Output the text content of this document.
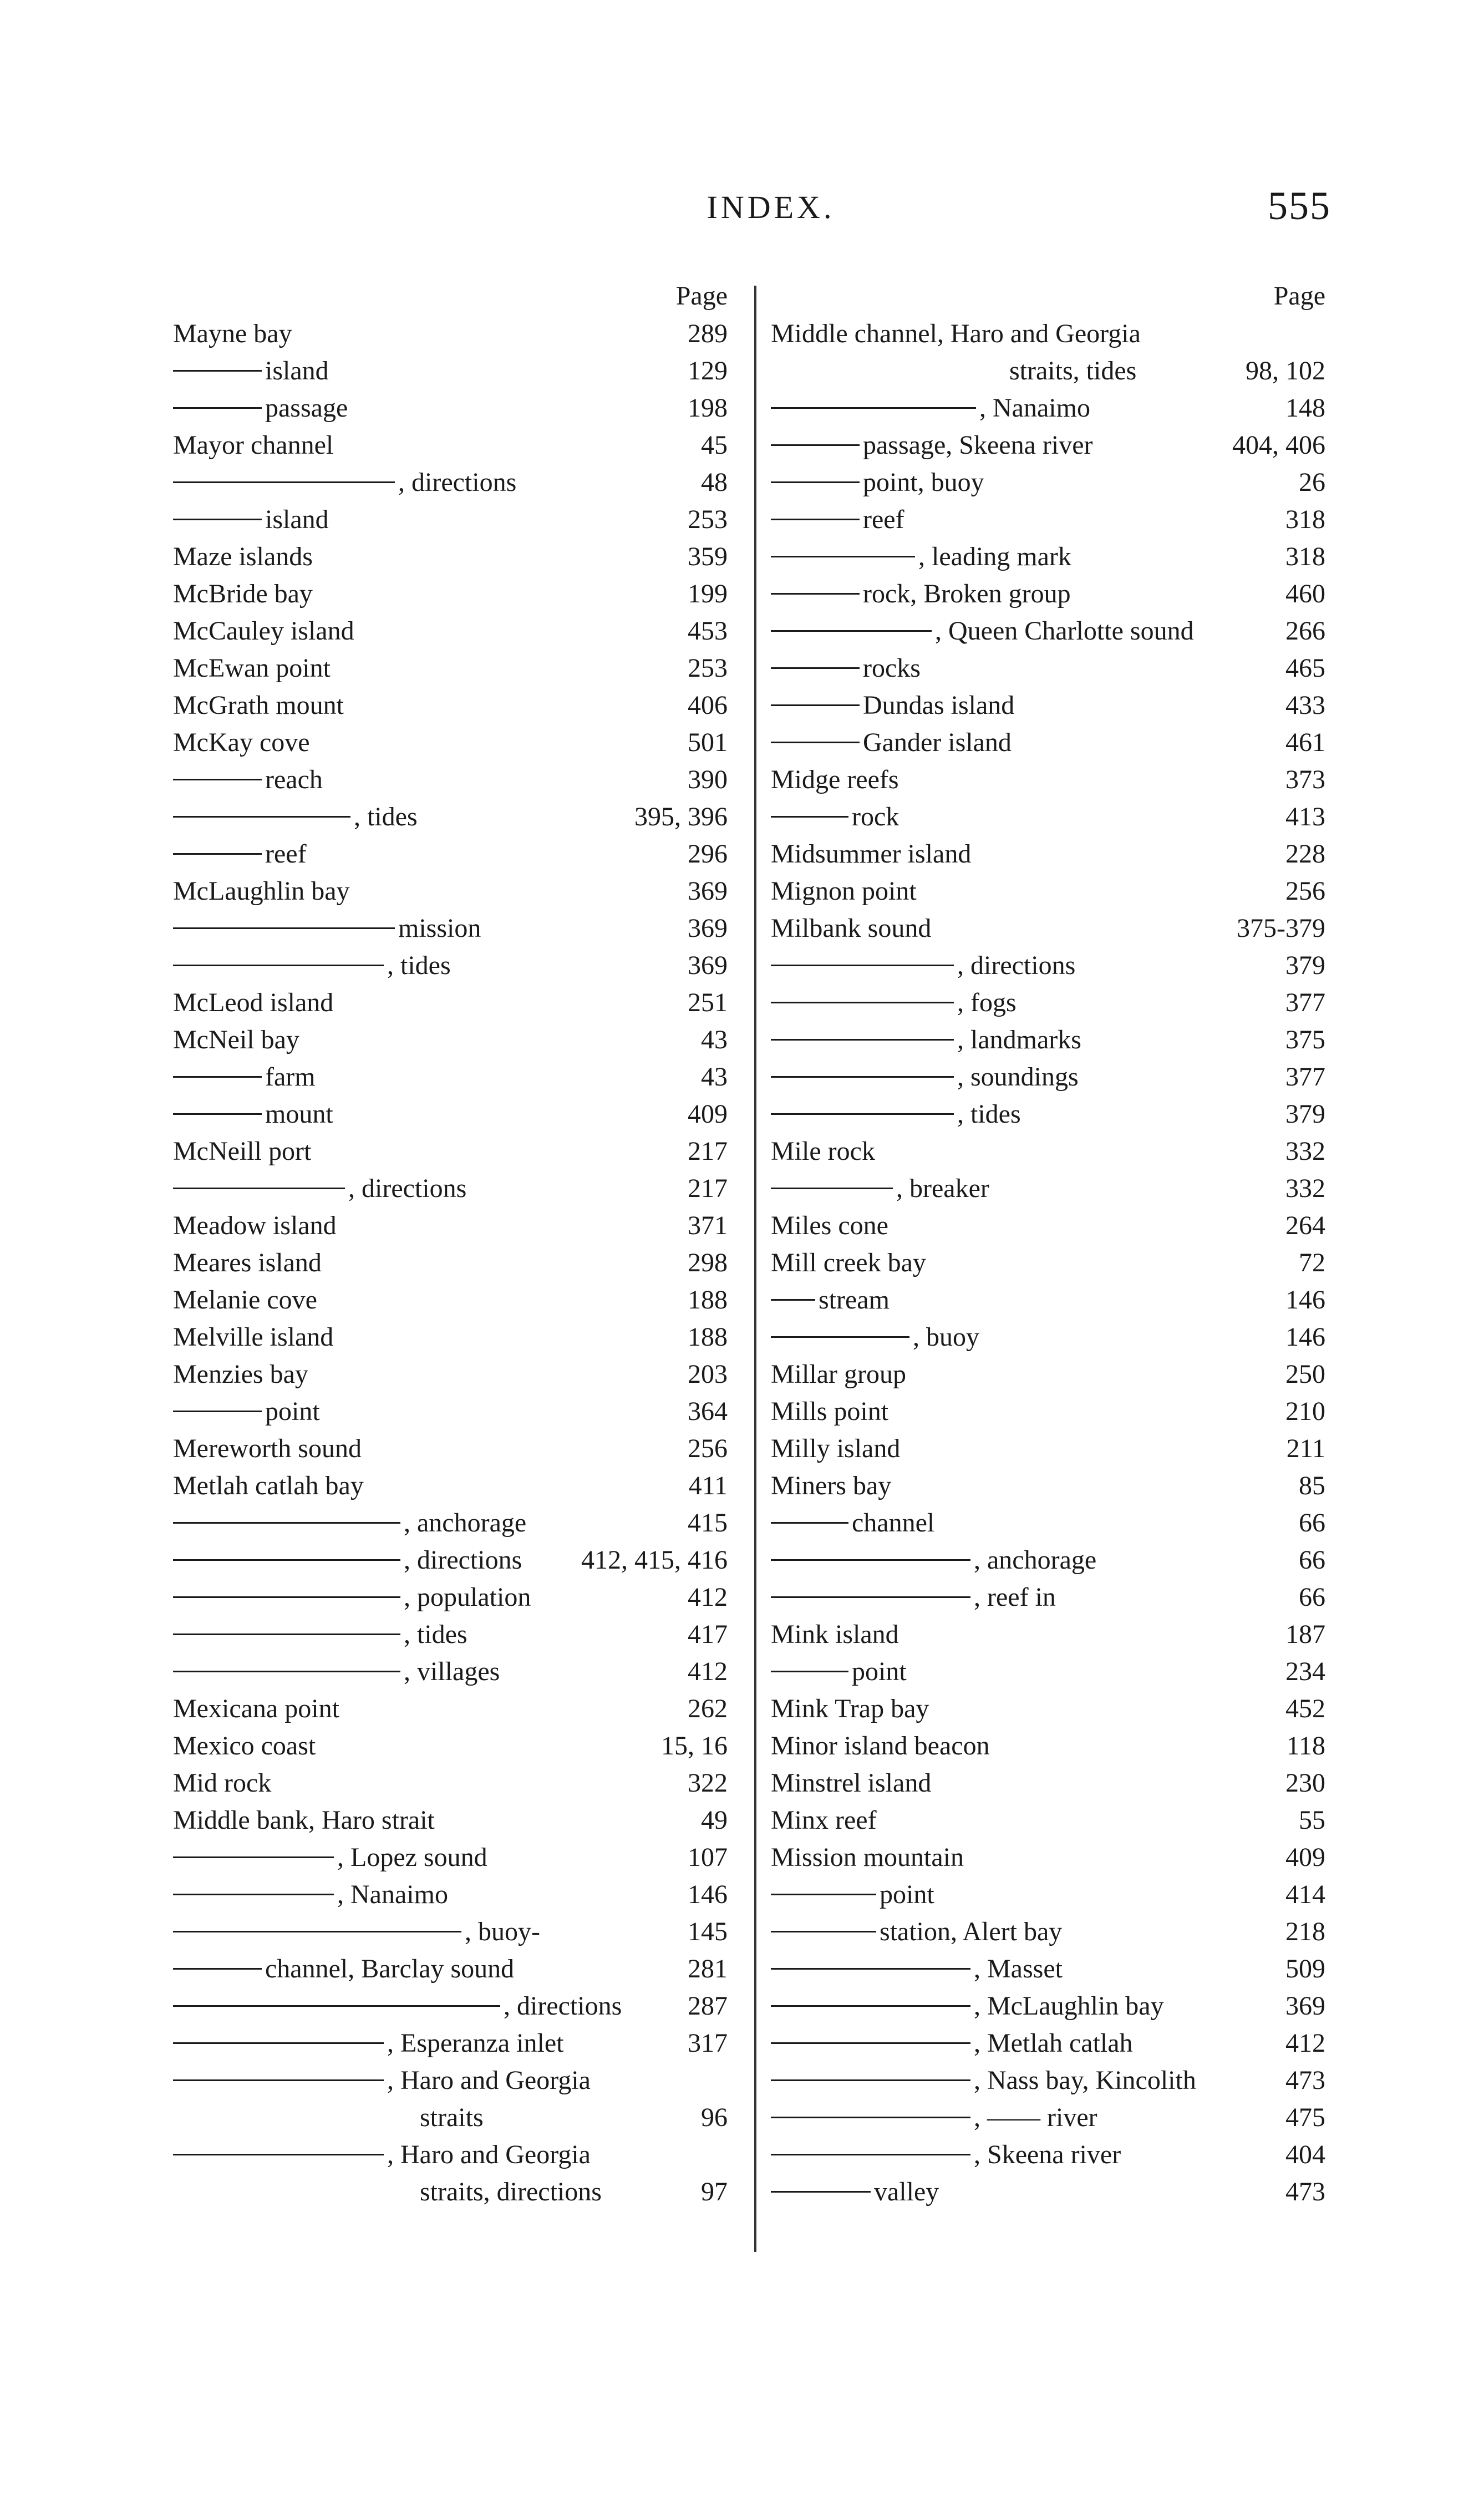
INDEX.	555
Page
Mayne bay	289
island	129
passage	198
Mayor channel	45
, directions	48
island	253
Maze islands	359
McBride bay	199
McCauley island	453
McEwan point	253
McGrath mount	406
McKay cove	501
reach	390
, tides	395, 396
reef	296
McLaughlin bay	369
mission	369
, tides	369
McLeod island	251
McNeil bay	43
farm	43
mount	409
McNeill port	217
, directions	217
Meadow island	371
Meares island	298
Melanie cove	188
Melville island	188
Menzies bay	203
point	364
Mereworth sound	256
Metlah catlah bay	411
, anchorage	415
, directions 412, 415, 416
, population	412
, tides	417
, villages	412
Mexicana point	262
Mexico coast	15, 16
Mid rock	322
Middle bank, Haro strait	49
, Lopez sound	107
, Nanaimo	146
, buoy-	145
channel, Barclay sound	281
, directions 287
, Esperanza inlet	317
, Haro and Georgia
straits	96
, Haro and Georgia
straits, directions	97
Page
Middle channel, Haro and Georgia
straits, tides	98, 102
, Nanaimo	148
passage, Skeena river	404, 406
point, buoy	26
reef	318
, leading mark	318
rock, Broken group	460
, Queen Charlotte sound	266
rocks	465
Dundas island	433
Gander island	461
Midge reefs	373
rock	413
Midsummer island	228
Mignon point	256
Milbank sound	375-379
, directions	379
, fogs	377
, landmarks	375
, soundings	377
, tides	379
Mile rock	332
, breaker	332
Miles cone	264
Mill creek bay	72
stream	146
, buoy	146
Millar group	250
Mills point	210
Milly island	211
Miners bay	85
channel	66
, anchorage	66
, reef in	66
Mink island	187
point	234
Mink Trap bay	452
Minor island beacon	118
Minstrel island	230
Minx reef	55
Mission mountain	409
point	414
station, Alert bay	218
, Masset	509
, McLaughlin bay	369
, Metlah catlah	412
, Nass bay, Kincolith	473
, —— river	475
, Skeena river	404
valley	473
